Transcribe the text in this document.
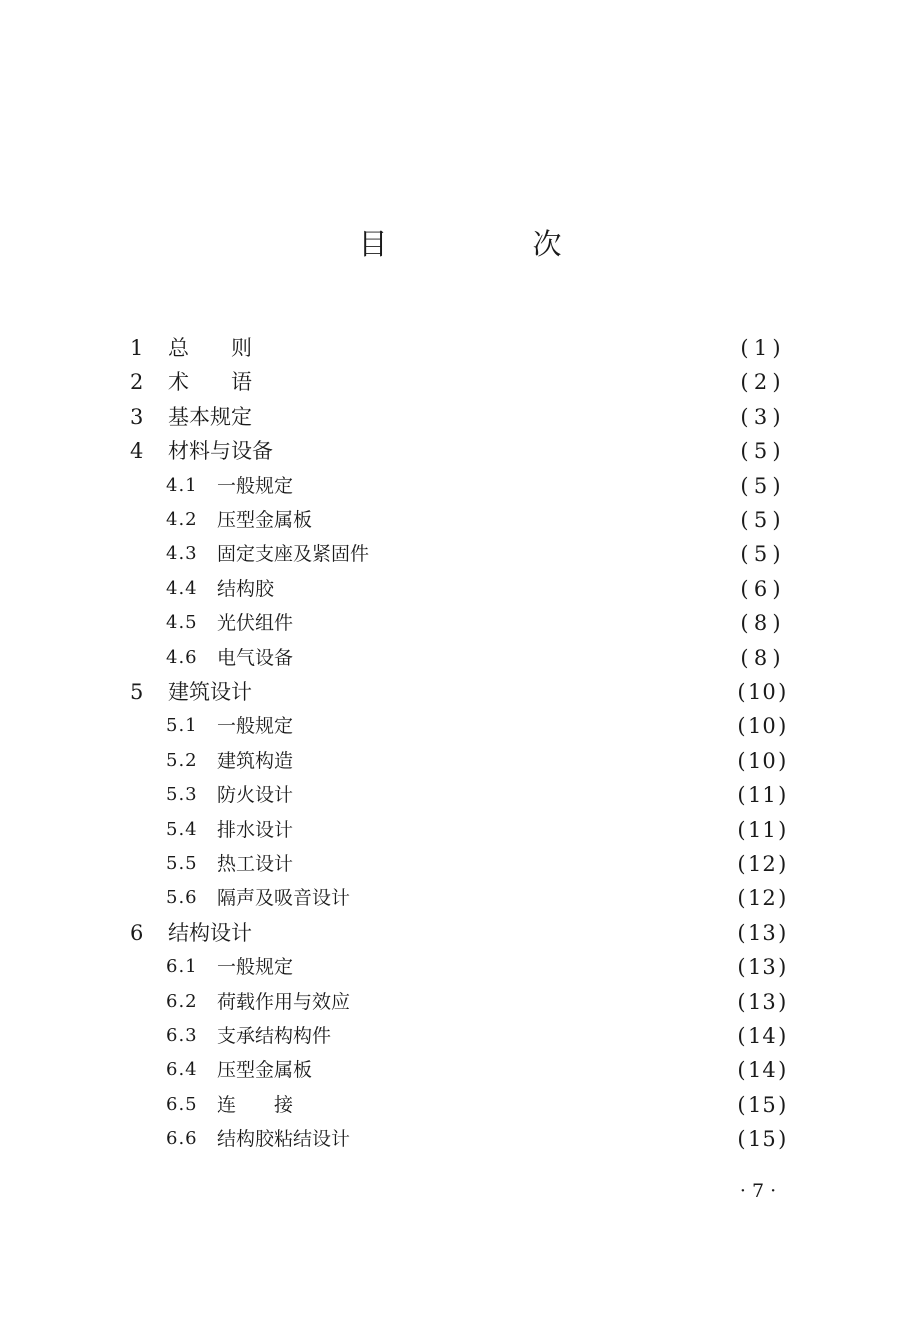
目　次
1 总　　则	( 1 )
2 术　　语	( 2 )
3 基本规定	( 3 )
4 材料与设备	( 5 )
4.1 一般规定	( 5 )
4.2 压型金属板	( 5 )
4.3 固定支座及紧固件	( 5 )
4.4 结构胶	( 6 )
4.5 光伏组件	( 8 )
4.6 电气设备	( 8 )
5 建筑设计	(10)
5.1 一般规定	(10)
5.2 建筑构造	(10)
5.3 防火设计	(11)
5.4 排水设计	(11)
5.5 热工设计	(12)
5.6 隔声及吸音设计	(12)
6 结构设计	(13)
6.1 一般规定	(13)
6.2 荷载作用与效应	(13)
6.3 支承结构构件	(14)
6.4 压型金属板	(14)
6.5 连　　接	(15)
6.6 结构胶粘结设计	(15)
· 7 ·
